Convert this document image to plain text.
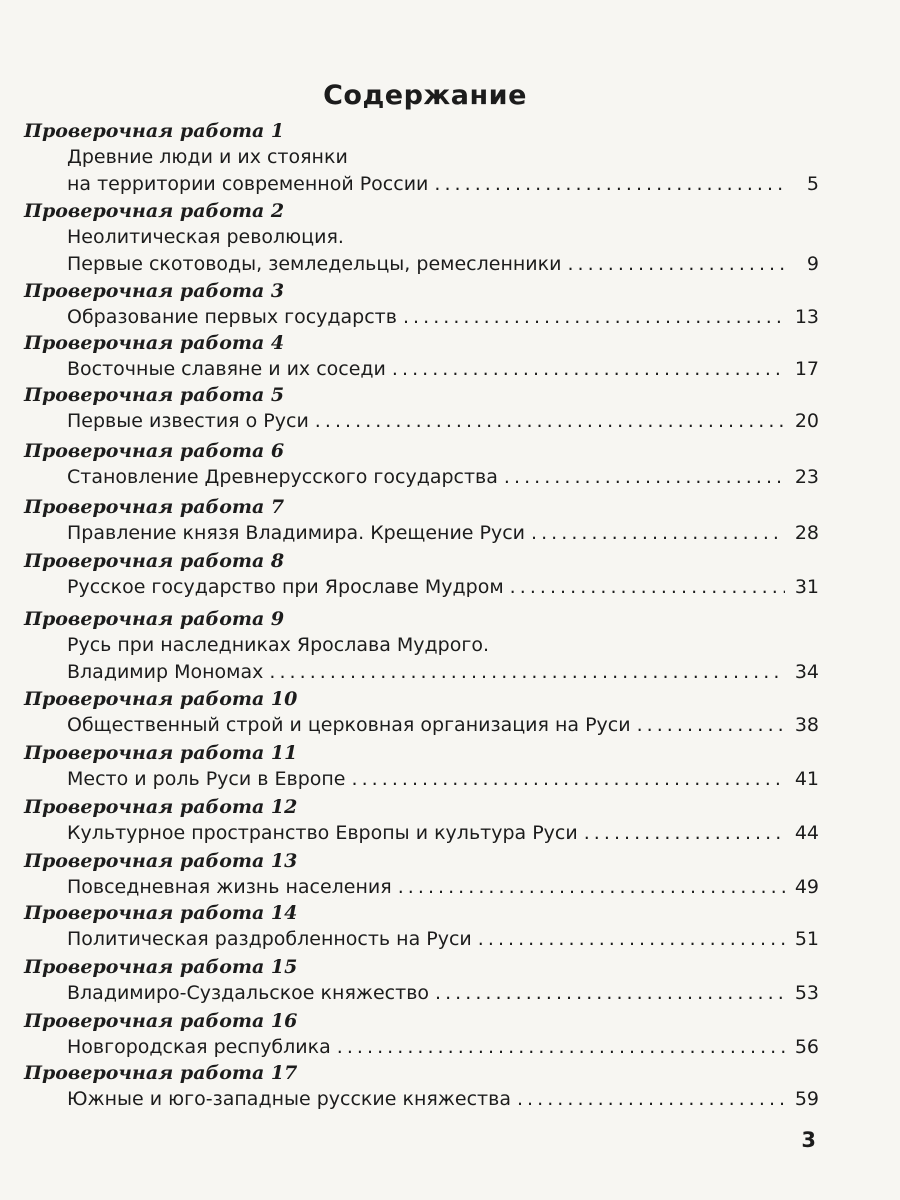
Содержание
Проверочная работа 1
Древние люди и их стоянки
на территории современной России . . .	5
Проверочная работа 2
Неолитическая революция.
Первые скотоводы, земледельцы, ремесленники . . .	9
Проверочная работа 3
Образование первых государств . . .	13
Проверочная работа 4
Восточные славяне и их соседи . . .	17
Проверочная работа 5
Первые известия о Руси . . .	20
Проверочная работа 6
Становление Древнерусского государства . . .	23
Проверочная работа 7
Правление князя Владимира. Крещение Руси . . .	28
Проверочная работа 8
Русское государство при Ярославе Мудром . . .	31
Проверочная работа 9
Русь при наследниках Ярослава Мудрого.
Владимир Мономах . . .	34
Проверочная работа 10
Общественный строй и церковная организация на Руси . . .	38
Проверочная работа 11
Место и роль Руси в Европе . . .	41
Проверочная работа 12
Культурное пространство Европы и культура Руси . . .	44
Проверочная работа 13
Повседневная жизнь населения . . .	49
Проверочная работа 14
Политическая раздробленность на Руси . . .	51
Проверочная работа 15
Владимиро-Суздальское княжество . . .	53
Проверочная работа 16
Новгородская республика . . .	56
Проверочная работа 17
Южные и юго-западные русские княжества . . .	59
3
